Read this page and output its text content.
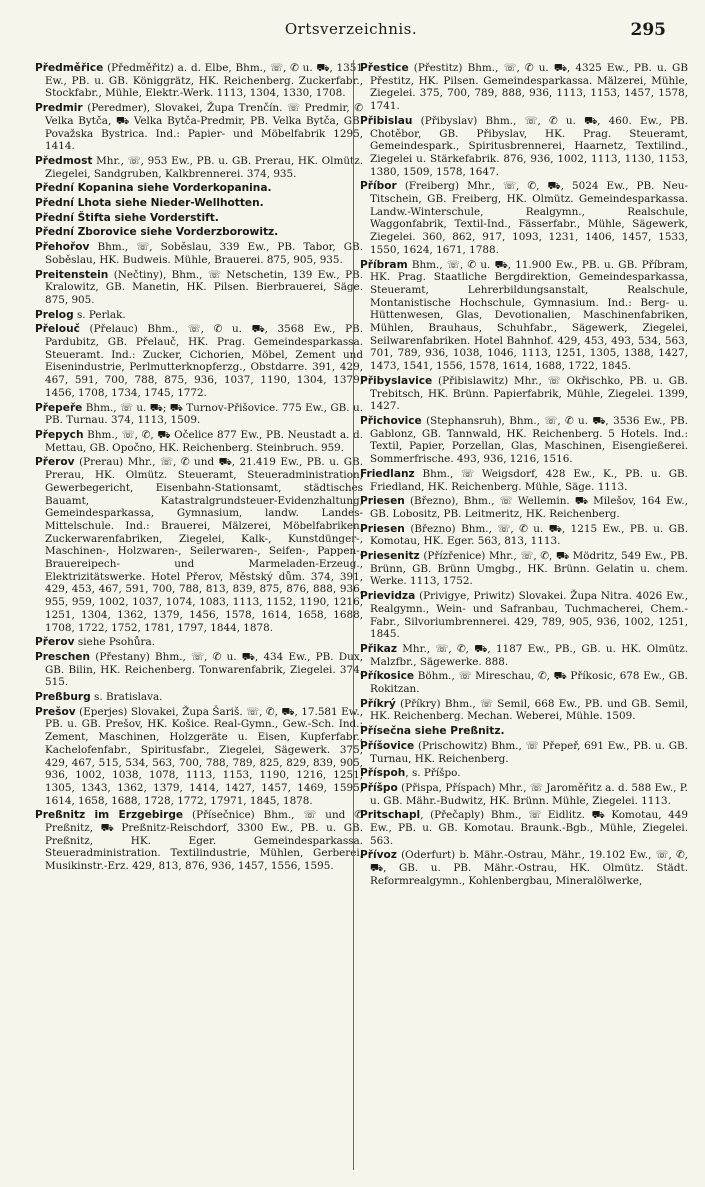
Ortsverzeichnis.	295

Předměřice (Předměřitz) a. d. Elbe, Bhm., ☏, ✆ u. ⛟, 1351 Ew., PB. u. GB. Königgrätz, HK. Reichenberg. Zuckerfabr., Stockfabr., Mühle, Elektr.-Werk. 1113, 1304, 1330, 1708.

Predmir (Peredmer), Slovakei, Župa Trenčín. ☏ Predmir, ✆ Velka Bytča, ⛟ Velka Bytča-Predmir, PB. Velka Bytča, GB. Považska Bystrica. Ind.: Papier- und Möbelfabrik 1295, 1414.

Předmost Mhr., ☏, 953 Ew., PB. u. GB. Prerau, HK. Olmütz. Ziegelei, Sandgruben, Kalkbrennerei. 374, 935.

Přední Kopanina siehe Vorderkopanina.

Přední Lhota siehe Nieder-Wellhotten.

Přední Štifta siehe Vorderstift.

Přední Zborovice siehe Vorderzborowitz.

Přehořov Bhm., ☏, Soběslau, 339 Ew., PB. Tabor, GB. Soběslau, HK. Budweis. Mühle, Brauerei. 875, 905, 935.

Preitenstein (Nečtiny), Bhm., ☏ Netschetin, 139 Ew., PB. Kralowitz, GB. Manetin, HK. Pilsen. Bierbrauerei, Säge. 875, 905.

Prelog s. Perlak.

Přelouč (Přelauc) Bhm., ☏, ✆ u. ⛟, 3568 Ew., PB. Pardubitz, GB. Přelauč, HK. Prag. Gemeindesparkassa. Steueramt. Ind.: Zucker, Cichorien, Möbel, Zement und Eisenindustrie, Perlmutterknopferzg., Obstdarre. 391, 429, 467, 591, 700, 788, 875, 936, 1037, 1190, 1304, 1379, 1456, 1708, 1734, 1745, 1772.

Přepeře Bhm., ☏ u. ⛟; ⛟ Turnov-Přišovice. 775 Ew., GB. u. PB. Turnau. 374, 1113, 1509.

Přepych Bhm., ☏, ✆, ⛟ Očelice 877 Ew., PB. Neustadt a. d. Mettau, GB. Opočno, HK. Reichenberg. Steinbruch. 959.

Přerov (Prerau) Mhr., ☏, ✆ und ⛟, 21.419 Ew., PB. u. GB. Prerau, HK. Olmütz. Steueramt, Steueradministration, Gewerbegericht, Eisenbahn-Stationsamt, städtisches Bauamt, Katastralgrundsteuer-Evidenzhaltung, Gemeindesparkassa, Gymnasium, landw. Landes-Mittelschule. Ind.: Brauerei, Mälzerei, Möbelfabriken, Zuckerwarenfabriken, Ziegelei, Kalk-, Kunstdünger-, Maschinen-, Holzwaren-, Seilerwaren-, Seifen-, Pappen-, Brauereipech- und Marmeladen-Erzeug., Elektrizitätswerke. Hotel Přerov, Městský dům. 374, 391, 429, 453, 467, 591, 700, 788, 813, 839, 875, 876, 888, 936, 955, 959, 1002, 1037, 1074, 1083, 1113, 1152, 1190, 1216, 1251, 1304, 1362, 1379, 1456, 1578, 1614, 1658, 1688, 1708, 1722, 1752, 1781, 1797, 1844, 1878.

Přerov siehe Psohůra.

Preschen (Přestany) Bhm., ☏, ✆ u. ⛟, 434 Ew., PB. Dux, GB. Bilin, HK. Reichenberg. Tonwarenfabrik, Ziegelei. 374, 515.

Preßburg s. Bratislava.

Prešov (Eperjes) Slovakei, Župa Šariš. ☏, ✆, ⛟, 17.581 Ew., PB. u. GB. Prešov, HK. Košice. Real-Gymn., Gew.-Sch. Ind.: Zement, Maschinen, Holzgeräte u. Eisen, Kupferfabr., Kachelofenfabr., Spiritusfabr., Ziegelei, Sägewerk. 375, 429, 467, 515, 534, 563, 700, 788, 789, 825, 829, 839, 905, 936, 1002, 1038, 1078, 1113, 1153, 1190, 1216, 1251, 1305, 1343, 1362, 1379, 1414, 1427, 1457, 1469, 1595, 1614, 1658, 1688, 1728, 1772, 17971, 1845, 1878.

Preßnitz im Erzgebirge (Přísečnice) Bhm., ☏ und ✆ Preßnitz, ⛟ Preßnitz-Reischdorf, 3300 Ew., PB. u. GB. Preßnitz, HK. Eger. Gemeindesparkassa. Steueradministration. Textilindustrie, Mühlen, Gerberei, Musikinstr.-Erz. 429, 813, 876, 936, 1457, 1556, 1595.

Přestice (Přestitz) Bhm., ☏, ✆ u. ⛟, 4325 Ew., PB. u. GB Přestitz, HK. Pilsen. Gemeindesparkassa. Mälzerei, Mühle, Ziegelei. 375, 700, 789, 888, 936, 1113, 1153, 1457, 1578, 1741.

Přibislau (Přibyslav) Bhm., ☏, ✆ u. ⛟, 460. Ew., PB. Chotěbor, GB. Přibyslav, HK. Prag. Steueramt, Gemeindespark., Spiritusbrennerei, Haarnetz, Textilind., Ziegelei u. Stärkefabrik. 876, 936, 1002, 1113, 1130, 1153, 1380, 1509, 1578, 1647.

Příbor (Freiberg) Mhr., ☏, ✆, ⛟, 5024 Ew., PB. Neu-Titschein, GB. Freiberg, HK. Olmütz. Gemeindesparkassa. Landw.-Winterschule, Realgymn., Realschule, Waggonfabrik, Textil-Ind., Fässerfabr., Mühle, Sägewerk, Ziegelei. 360, 862, 917, 1093, 1231, 1406, 1457, 1533, 1550, 1624, 1671, 1788.

Příbram Bhm., ☏, ✆ u. ⛟, 11.900 Ew., PB. u. GB. Příbram, HK. Prag. Staatliche Bergdirektion, Gemeindesparkassa, Steueramt, Lehrerbildungsanstalt, Realschule, Montanistische Hochschule, Gymnasium. Ind.: Berg- u. Hüttenwesen, Glas, Devotionalien, Maschinenfabriken, Mühlen, Brauhaus, Schuhfabr., Sägewerk, Ziegelei, Seilwarenfabriken. Hotel Bahnhof. 429, 453, 493, 534, 563, 701, 789, 936, 1038, 1046, 1113, 1251, 1305, 1388, 1427, 1473, 1541, 1556, 1578, 1614, 1688, 1722, 1845.

Přibyslavice (Přibislawitz) Mhr., ☏ Okřischko, PB. u. GB. Trebitsch, HK. Brünn. Papierfabrik, Mühle, Ziegelei. 1399, 1427.

Přichovice (Stephansruh), Bhm., ☏, ✆ u. ⛟, 3536 Ew., PB. Gablonz, GB. Tannwald, HK. Reichenberg. 5 Hotels. Ind.: Textil, Papier, Porzellan, Glas, Maschinen, Eisengießerei. Sommerfrische. 493, 936, 1216, 1516.

Friedlanz Bhm., ☏ Weigsdorf, 428 Ew., K., PB. u. GB. Friedland, HK. Reichenberg. Mühle, Säge. 1113.

Priesen (Březno), Bhm., ☏ Wellemin. ⛟ Milešov, 164 Ew., GB. Lobositz, PB. Leitmeritz, HK. Reichenberg.

Priesen (Březno) Bhm., ☏, ✆ u. ⛟, 1215 Ew., PB. u. GB. Komotau, HK. Eger. 563, 813, 1113.

Priesenitz (Přízřenice) Mhr., ☏, ✆, ⛟ Mödritz, 549 Ew., PB. Brünn, GB. Brünn Umgbg., HK. Brünn. Gelatin u. chem. Werke. 1113, 1752.

Prievidza (Privigye, Priwitz) Slovakei. Župa Nitra. 4026 Ew., Realgymn., Wein- und Safranbau, Tuchmacherei, Chem.-Fabr., Silvoriumbrennerei. 429, 789, 905, 936, 1002, 1251, 1845.

Přikaz Mhr., ☏, ✆, ⛟, 1187 Ew., PB., GB. u. HK. Olmütz. Malzfbr., Sägewerke. 888.

Příkosice Böhm., ☏ Mireschau, ✆, ⛟ Příkosic, 678 Ew., GB. Rokitzan.

Příkrý (Příkry) Bhm., ☏ Semil, 668 Ew., PB. und GB. Semil, HK. Reichenberg. Mechan. Weberei, Mühle. 1509.

Přísečna siehe Preßnitz.

Příšovice (Prischowitz) Bhm., ☏ Přepeř, 691 Ew., PB. u. GB. Turnau, HK. Reichenberg.

Příspoh, s. Příšpo.

Příšpo (Přispa, Příspach) Mhr., ☏ Jaroměřitz a. d. 588 Ew., P. u. GB. Mähr.-Budwitz, HK. Brünn. Mühle, Ziegelei. 1113.

Pritschapl, (Přečaply) Bhm., ☏ Eidlitz. ⛟ Komotau, 449 Ew., PB. u. GB. Komotau. Braunk.-Bgb., Mühle, Ziegelei. 563.

Přívoz (Oderfurt) b. Mähr.-Ostrau, Mähr., 19.102 Ew., ☏, ✆, ⛟, GB. u. PB. Mähr.-Ostrau, HK. Olmütz. Städt. Reformrealgymn., Kohlenbergbau, Mineralölwerke,
